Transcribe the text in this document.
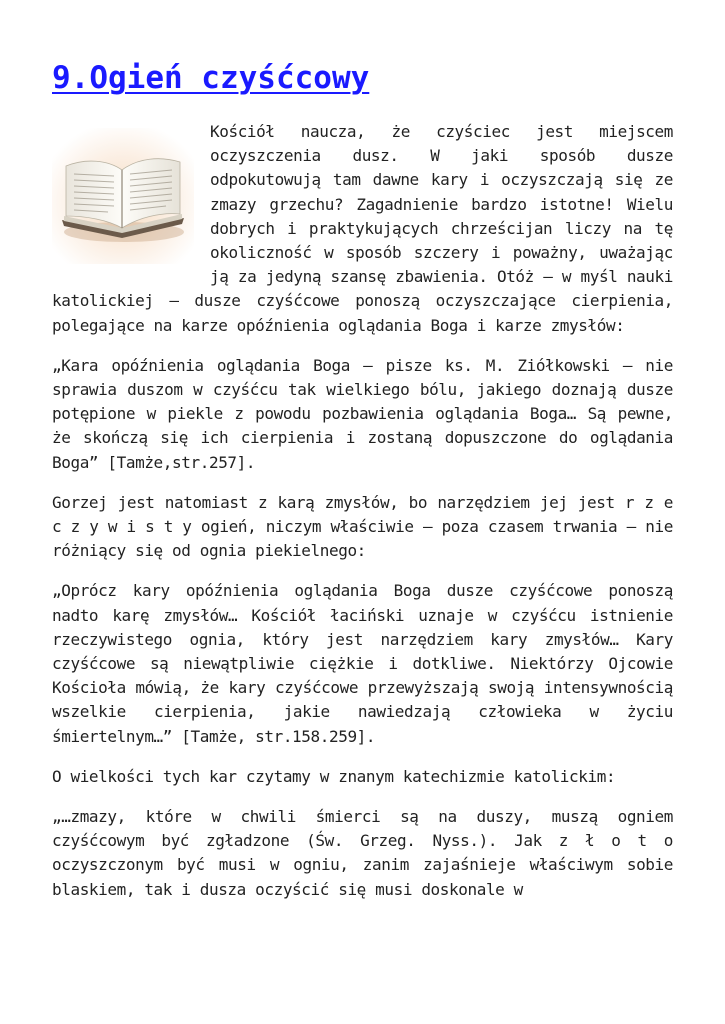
9.Ogień czyśćcowy

Kościół naucza, że czyściec jest miejscem oczyszczenia dusz. W jaki sposób dusze odpokutowują tam dawne kary i oczyszczają się ze zmazy grzechu? Zagadnienie bardzo istotne! Wielu dobrych i praktykujących chrześcijan liczy na tę okoliczność w sposób szczery i poważny, uważając ją za jedyną szansę zbawienia. Otóż – w myśl nauki katolickiej – dusze czyśćcowe ponoszą oczyszczające cierpienia, polegające na karze opóźnienia oglądania Boga i karze zmysłów:

„Kara opóźnienia oglądania Boga – pisze ks. M. Ziółkowski – nie sprawia duszom w czyśćcu tak wielkiego bólu, jakiego doznają dusze potępione w piekle z powodu pozbawienia oglądania Boga… Są pewne, że skończą się ich cierpienia i zostaną dopuszczone do oglądania Boga” [Tamże,str.257].

Gorzej jest natomiast z karą zmysłów, bo narzędziem jej jest r z e c z y w i s t y ogień, niczym właściwie – poza czasem trwania – nie różniący się od ognia piekielnego:

„Oprócz kary opóźnienia oglądania Boga dusze czyśćcowe ponoszą nadto karę zmysłów… Kościół łaciński uznaje w czyśćcu istnienie rzeczywistego ognia, który jest narzędziem kary zmysłów… Kary czyśćcowe są niewątpliwie ciężkie i dotkliwe. Niektórzy Ojcowie Kościoła mówią, że kary czyśćcowe przewyższają swoją intensywnością wszelkie cierpienia, jakie nawiedzają człowieka w życiu śmiertelnym…” [Tamże, str.158.259].

O wielkości tych kar czytamy w znanym katechizmie katolickim:

„…zmazy, które w chwili śmierci są na duszy, muszą ogniem czyśćcowym być zgładzone (Św. Grzeg. Nyss.). Jak z ł o t o oczyszczonym być musi w ogniu, zanim zajaśnieje właściwym sobie blaskiem, tak i dusza oczyścić się musi doskonale w
